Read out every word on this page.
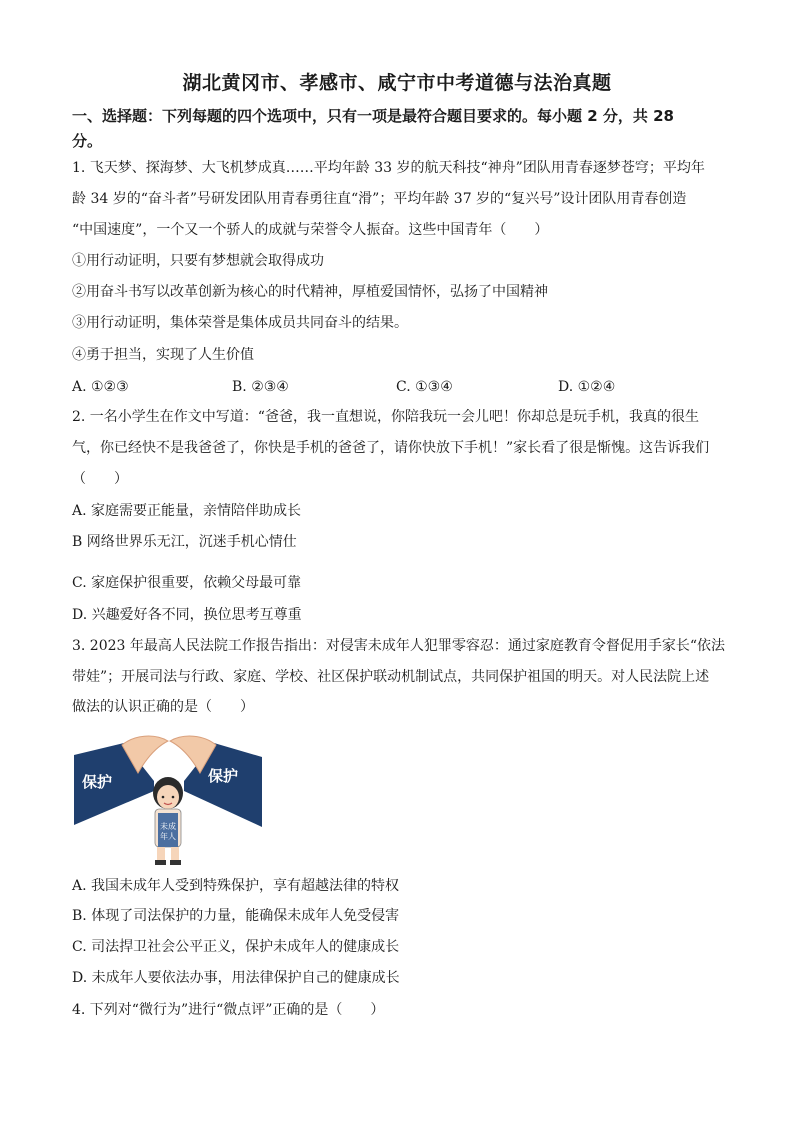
湖北黄冈市、孝感市、咸宁市中考道德与法治真题
一、选择题：下列每题的四个选项中，只有一项是最符合题目要求的。每小题 2 分，共 28
分。
1. 飞天梦、探海梦、大飞机梦成真……平均年龄 33 岁的航天科技“神舟”团队用青春逐梦苍穹；平均年
龄 34 岁的“奋斗者”号研发团队用青春勇往直“滑”；平均年龄 37 岁的“复兴号”设计团队用青春创造
“中国速度”，一个又一个骄人的成就与荣誉令人振奋。这些中国青年（　　）
①用行动证明，只要有梦想就会取得成功
②用奋斗书写以改革创新为核心的时代精神，厚植爱国情怀，弘扬了中国精神
③用行动证明，集体荣誉是集体成员共同奋斗的结果。
④勇于担当，实现了人生价值
A. ①②③	B. ②③④	C. ①③④	D. ①②④
2. 一名小学生在作文中写道：“爸爸，我一直想说，你陪我玩一会儿吧！你却总是玩手机，我真的很生
气，你已经快不是我爸爸了，你快是手机的爸爸了，请你快放下手机！”家长看了很是惭愧。这告诉我们
（　　）
A. 家庭需要正能量，亲情陪伴助成长
B 网络世界乐无江，沉迷手机心情仕
C. 家庭保护很重要，依赖父母最可靠
D. 兴趣爱好各不同，换位思考互尊重
3. 2023 年最高人民法院工作报告指出：对侵害未成年人犯罪零容忍：通过家庭教育令督促用手家长“依法
带娃”；开展司法与行政、家庭、学校、社区保护联动机制试点，共同保护祖国的明天。对人民法院上述
做法的认识正确的是（　　）
保护	保护
未成
年人
A. 我国未成年人受到特殊保护，享有超越法律的特权
B. 体现了司法保护的力量，能确保未成年人免受侵害
C. 司法捍卫社会公平正义，保护未成年人的健康成长
D. 未成年人要依法办事，用法律保护自己的健康成长
4. 下列对“微行为”进行“微点评”正确的是（　　）
